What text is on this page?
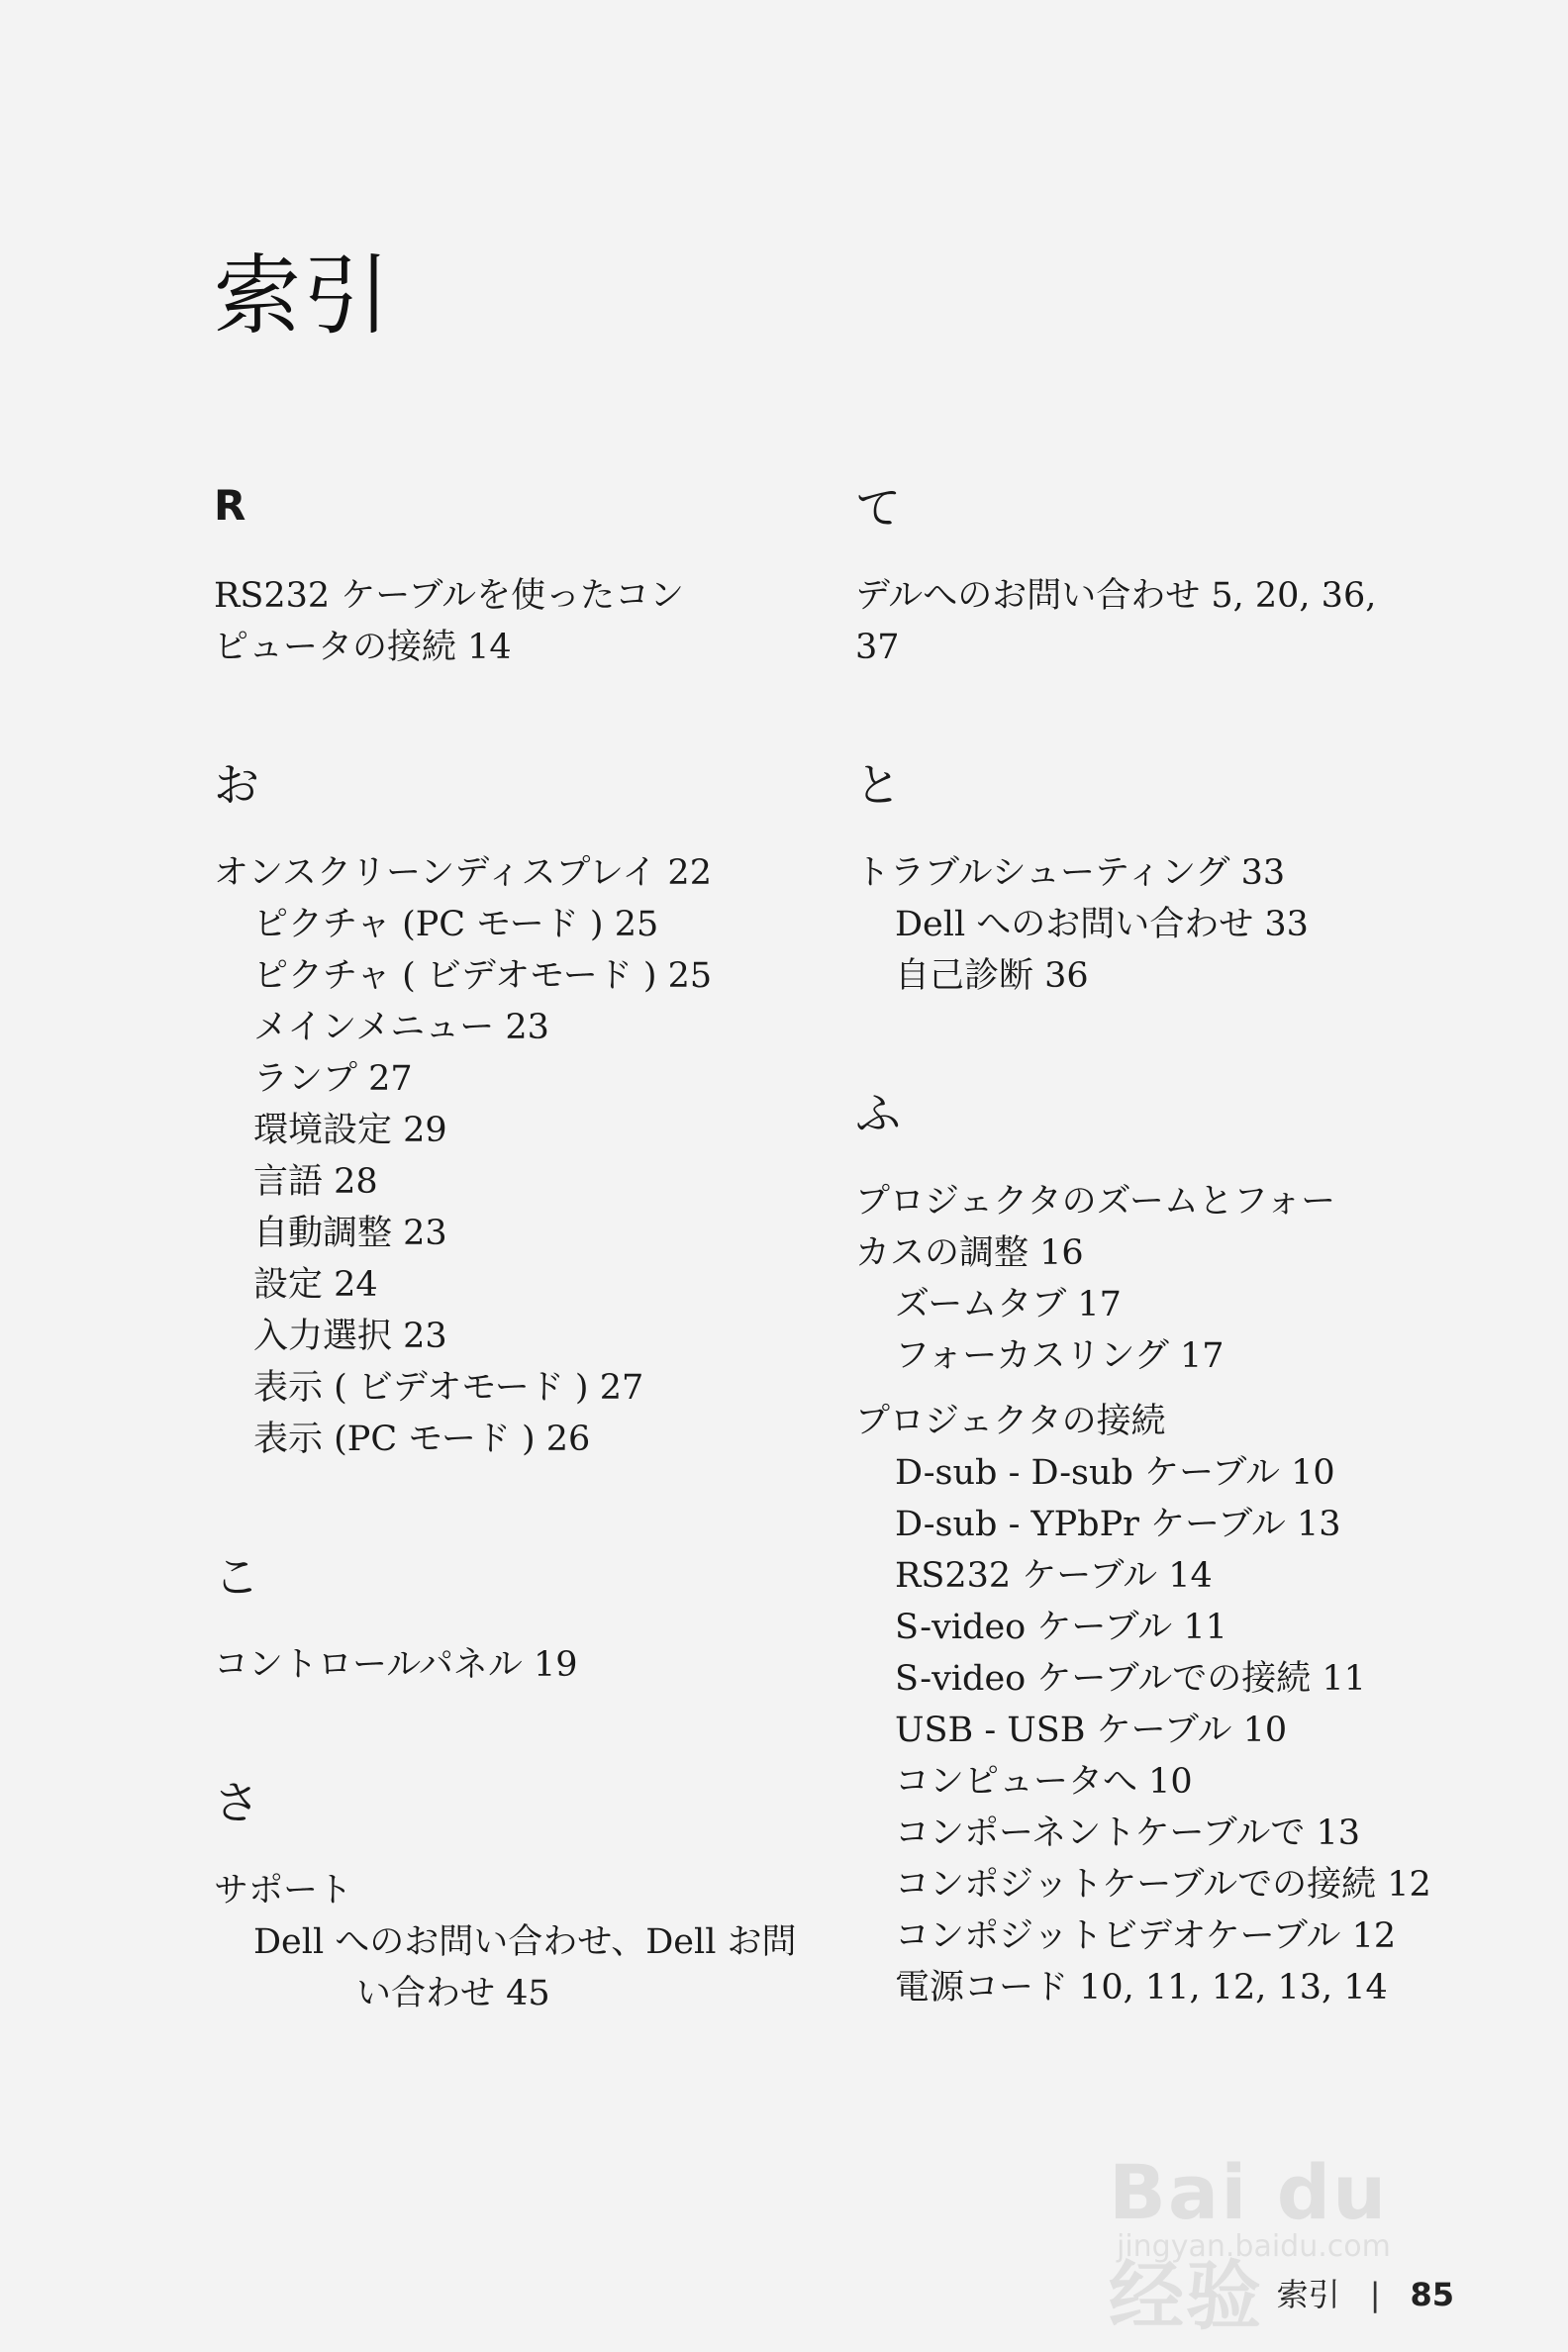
索引
R
RS232 ケーブルを使ったコン
ピュータの接続 14
お
オンスクリーンディスプレイ 22
ピクチャ (PC モード ) 25
ピクチャ ( ビデオモード ) 25
メインメニュー 23
ランプ 27
環境設定 29
言語 28
自動調整 23
設定 24
入力選択 23
表示 ( ビデオモード ) 27
表示 (PC モード ) 26
こ
コントロールパネル 19
さ
サポート
Dell へのお問い合わせ、Dell お問い合わせ 45
て
デルへのお問い合わせ 5, 20, 36,
37
と
トラブルシューティング 33
Dell へのお問い合わせ 33
自己診断 36
ふ
プロジェクタのズームとフォー
カスの調整 16
ズームタブ 17
フォーカスリング 17
プロジェクタの接続
D-sub - D-sub ケーブル 10
D-sub - YPbPr ケーブル 13
RS232 ケーブル 14
S-video ケーブル 11
S-video ケーブルでの接続 11
USB - USB ケーブル 10
コンピュータへ 10
コンポーネントケーブルで 13
コンポジットケーブルでの接続 12
コンポジットビデオケーブル 12
電源コード 10, 11, 12, 13, 14
Bai du 经验
jingyan.baidu.com
索引 | 85
